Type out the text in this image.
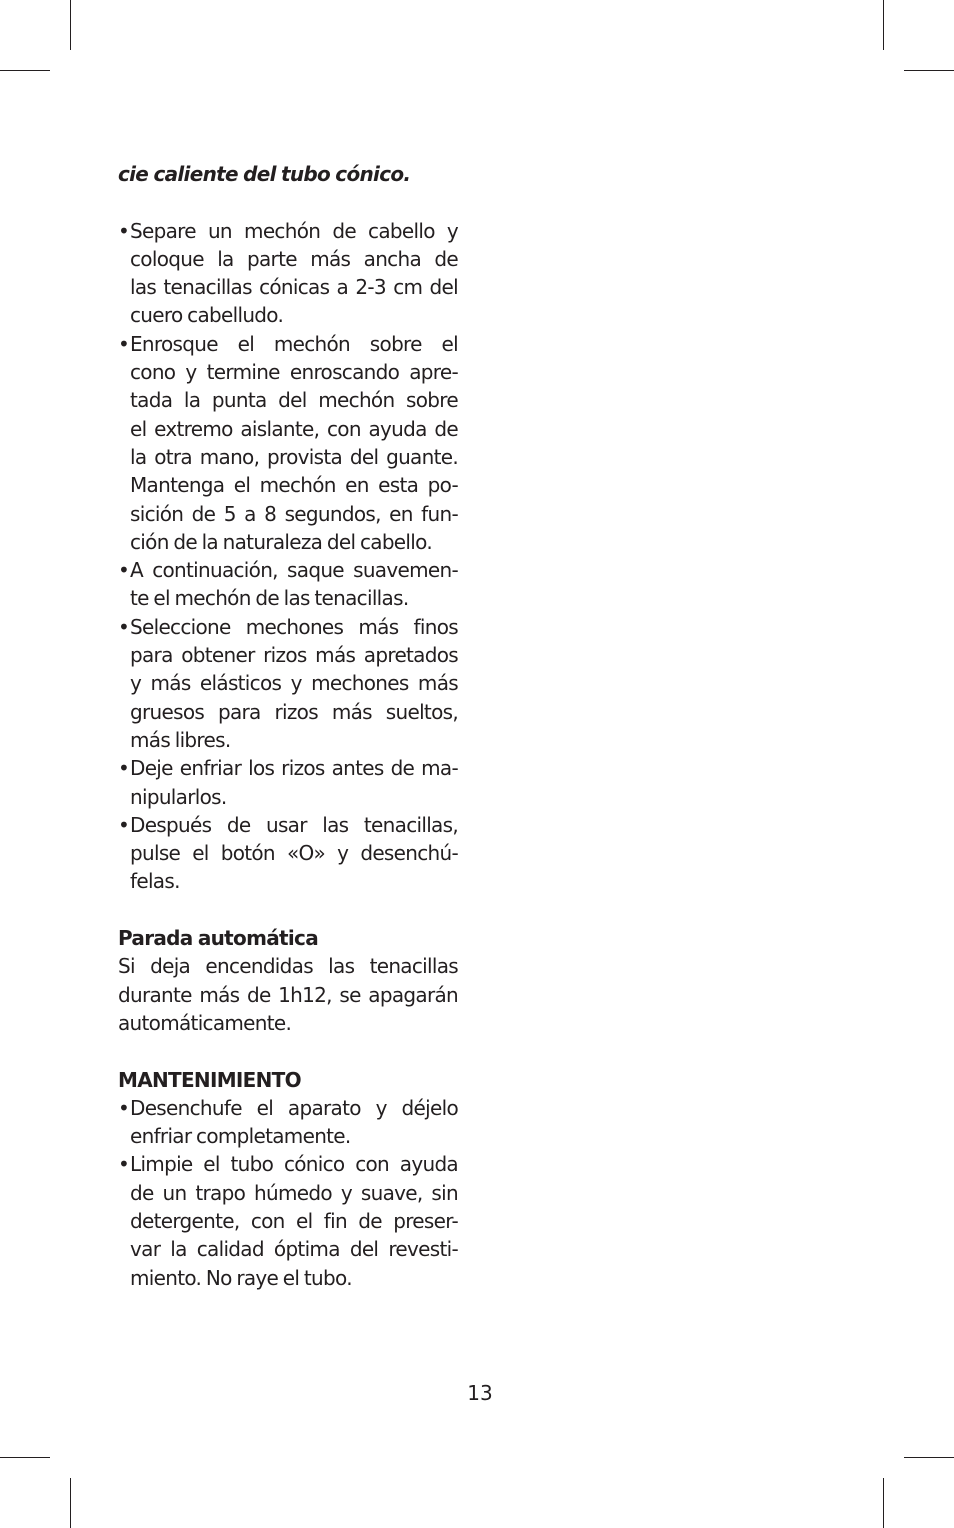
cie caliente del tubo cónico.
• Separe un mechón de cabello y
coloque la parte más ancha de
las tenacillas cónicas a 2-3 cm del
cuero cabelludo.
• Enrosque el mechón sobre el
cono y termine enroscando apre-
tada la punta del mechón sobre
el extremo aislante, con ayuda de
la otra mano, provista del guante.
Mantenga el mechón en esta po-
sición de 5 a 8 segundos, en fun-
ción de la naturaleza del cabello.
• A continuación, saque suavemen-
te el mechón de las tenacillas.
• Seleccione mechones más finos
para obtener rizos más apretados
y más elásticos y mechones más
gruesos para rizos más sueltos,
más libres.
• Deje enfriar los rizos antes de ma-
nipularlos.
• Después de usar las tenacillas,
pulse el botón «O» y desenchú-
felas.
Parada automática
Si deja encendidas las tenacillas
durante más de 1h12, se apagarán
automáticamente.
MANTENIMIENTO
• Desenchufe el aparato y déjelo
enfriar completamente.
• Limpie el tubo cónico con ayuda
de un trapo húmedo y suave, sin
detergente, con el fin de preser-
var la calidad óptima del revesti-
miento. No raye el tubo.
13
